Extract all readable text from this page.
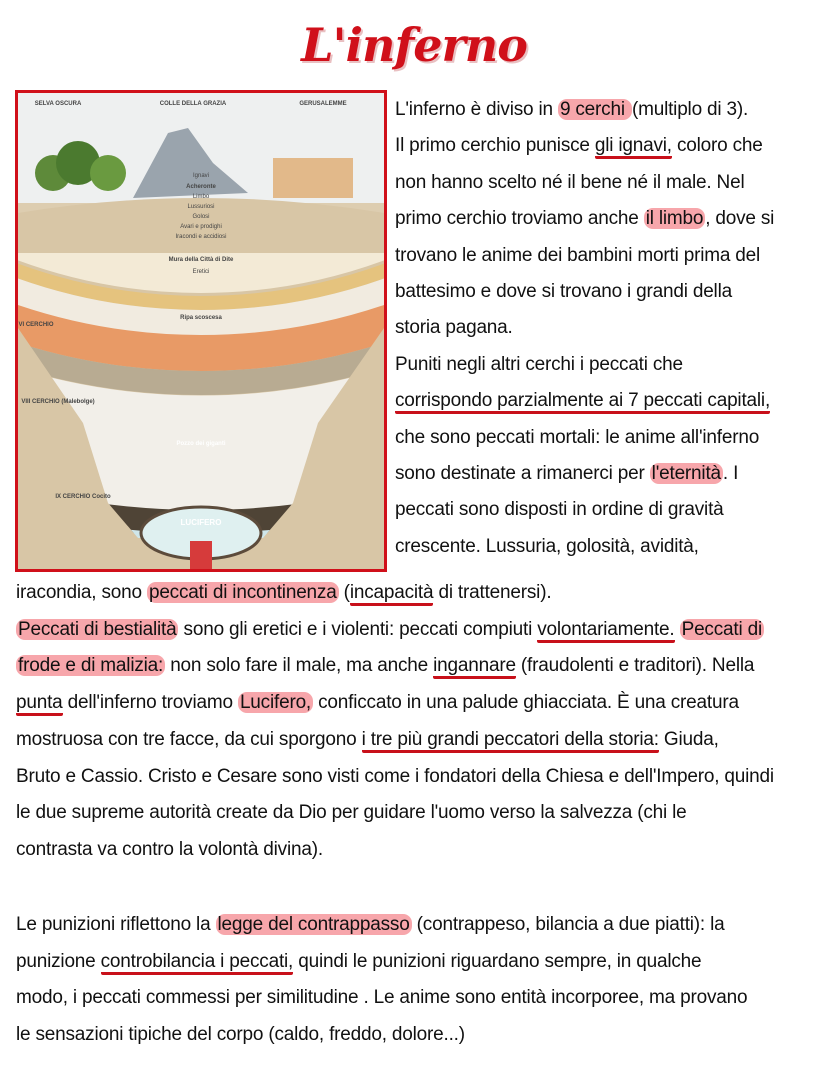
L'inferno
SELVA OSCURA	COLLE DELLA GRAZIA	GERUSALEMME
Ignavi
Acheronte
Limbo
Lussuriosi
Golosi
Avari e prodighi
Iracondi e accidiosi
Mura della Città di Dite
Eretici
Ripa scoscesa
VI CERCHIO
VIII CERCHIO (Malebolge)
Pozzo dei giganti
IX CERCHIO Cocito
LUCIFERO
L'inferno è diviso in 9 cerchi (multiplo di 3).
Il primo cerchio punisce gli ignavi, coloro che
non hanno scelto né il bene né il male. Nel
primo cerchio troviamo anche il limbo , dove si
trovano le anime dei bambini morti prima del
battesimo e dove si trovano i grandi della
storia pagana.
Puniti negli altri cerchi i peccati che
corrispondo parzialmente ai 7 peccati capitali,
che sono peccati mortali: le anime all'inferno
sono destinate a rimanerci per l'eternità . I
peccati sono disposti in ordine di gravità
crescente. Lussuria, golosità, avidità,
iracondia, sono peccati di incontinenza (incapacità di trattenersi).
Peccati di bestialità sono gli eretici e i violenti: peccati compiuti volontariamente. Peccati di
frode e di malizia: non solo fare il male, ma anche ingannare (fraudolenti e traditori). Nella
punta dell'inferno troviamo Lucifero, conficcato in una palude ghiacciata. È una creatura
mostruosa con tre facce, da cui sporgono i tre più grandi peccatori della storia: Giuda,
Bruto e Cassio. Cristo e Cesare sono visti come i fondatori della Chiesa e dell'Impero, quindi
le due supreme autorità create da Dio per guidare l'uomo verso la salvezza (chi le
contrasta va contro la volontà divina).
Le punizioni riflettono la legge del contrappasso (contrappeso, bilancia a due piatti): la
punizione controbilancia i peccati, quindi le punizioni riguardano sempre, in qualche
modo, i peccati commessi per similitudine . Le anime sono entità incorporee, ma provano
le sensazioni tipiche del corpo (caldo, freddo, dolore...)
